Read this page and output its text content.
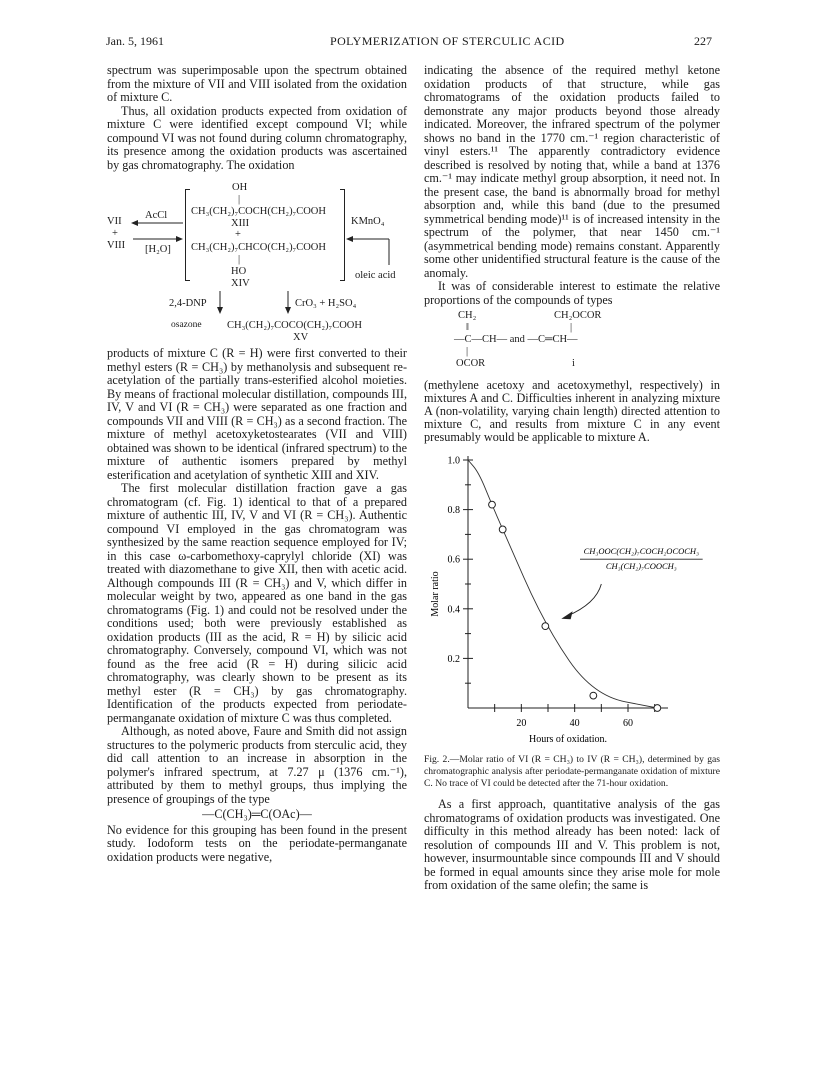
Jan. 5, 1961	POLYMERIZATION OF STERCULIC ACID	227

spectrum was superimposable upon the spectrum obtained from the mixture of VII and VIII isolated from the oxidation of mixture C.

Thus, all oxidation products expected from oxidation of mixture C were identified except compound VI; while compound VI was not found during column chromatography, its presence among the oxidation products was ascertained by gas chromatography. The oxidation

OH
|
CH₃(CH₂)₇COCH(CH₂)₇COOH
XIII
+
CH₃(CH₂)₇CHCO(CH₂)₇COOH
|
HO
XIV
VII
+
VIII
AcCl
[H₂O]
KMnO₄
oleic acid
2,4-DNP	CrO₃ + H₂SO₄
osazone CH₃(CH₂)₇COCO(CH₂)₇COOH
XV

products of mixture C (R = H) were first converted to their methyl esters (R = CH₃) by methanolysis and subsequent re-acetylation of the partially trans-esterified alcohol moieties. By means of fractional molecular distillation, compounds III, IV, V and VI (R = CH₃) were separated as one fraction and compounds VII and VIII (R = CH₃) as a second fraction. The mixture of methyl acetoxyketostearates (VII and VIII) obtained was shown to be identical (infrared spectrum) to the mixture of authentic isomers prepared by methyl esterification and acetylation of synthetic XIII and XIV.

The first molecular distillation fraction gave a gas chromatogram (cf. Fig. 1) identical to that of a prepared mixture of authentic III, IV, V and VI (R = CH₃). Authentic compound VI employed in the gas chromatogram was synthesized by the same reaction sequence employed for IV; in this case ω-carbomethoxy-caprylyl chloride (XI) was treated with diazomethane to give XII, then with acetic acid. Although compounds III (R = CH₃) and V, which differ in molecular weight by two, appeared as one band in the gas chromatograms (Fig. 1) and could not be resolved under the conditions used; both were previously established as oxidation products (III as the acid, R = H) by silicic acid chromatography. Conversely, compound VI, which was not found as the free acid (R = H) during silicic acid chromatography, was clearly shown to be present as its methyl ester (R = CH₃) by gas chromatography. Identification of the products expected from periodate-permanganate oxidation of mixture C was thus completed.

Although, as noted above, Faure and Smith did not assign structures to the polymeric products from sterculic acid, they did call attention to an increase in absorption in the polymer's infrared spectrum, at 7.27 μ (1376 cm.⁻¹), attributed by them to methyl groups, thus implying the presence of groupings of the type

—C(CH₃)═C(OAc)—

No evidence for this grouping has been found in the present study. Iodoform tests on the periodate-permanganate oxidation products were negative,

indicating the absence of the required methyl ketone oxidation products of that structure, while gas chromatograms of the oxidation products failed to demonstrate any major products beyond those already indicated. Moreover, the infrared spectrum of the polymer shows no band in the 1770 cm.⁻¹ region characteristic of vinyl esters.¹¹ The apparently contradictory evidence described is resolved by noting that, while a band at 1376 cm.⁻¹ may indicate methyl group absorption, it need not. In the present case, the band is abnormally broad for methyl absorption and, while this band (due to the presumed symmetrical bending mode)¹¹ is of increased intensity in the spectrum of the polymer, that near 1450 cm.⁻¹ (asymmetrical bending mode) remains constant. Apparently some other unidentified structural feature is the cause of the anomaly.

It was of considerable interest to estimate the relative proportions of the compounds of types

CH₂
‖
CH₂OCOR
|
—C—CH— and —C═CH—
|
OCOR	i

(methylene acetoxy and acetoxymethyl, respectively) in mixtures A and C. Difficulties inherent in analyzing mixture A (non-volatility, varying chain length) directed attention to mixture C, and results from mixture C in any event presumably would be applicable to mixture A.

0.2
0.4
0.6
0.8
1.0
20	40	60
Hours of oxidation.
Molar ratio
CH₃OOC(CH₂)₇COCH₂OCOCH₃
CH₃(CH₂)₇COOCH₃

Fig. 2.—Molar ratio of VI (R = CH₃) to IV (R = CH₃), determined by gas chromatographic analysis after periodate-permanganate oxidation of mixture C. No trace of VI could be detected after the 71-hour oxidation.

As a first approach, quantitative analysis of the gas chromatograms of oxidation products was investigated. One difficulty in this method already has been noted: lack of resolution of compounds III and V. This problem is not, however, insurmountable since compounds III and V should be formed in equal amounts since they arise mole for mole from oxidation of the same olefin; the same is
